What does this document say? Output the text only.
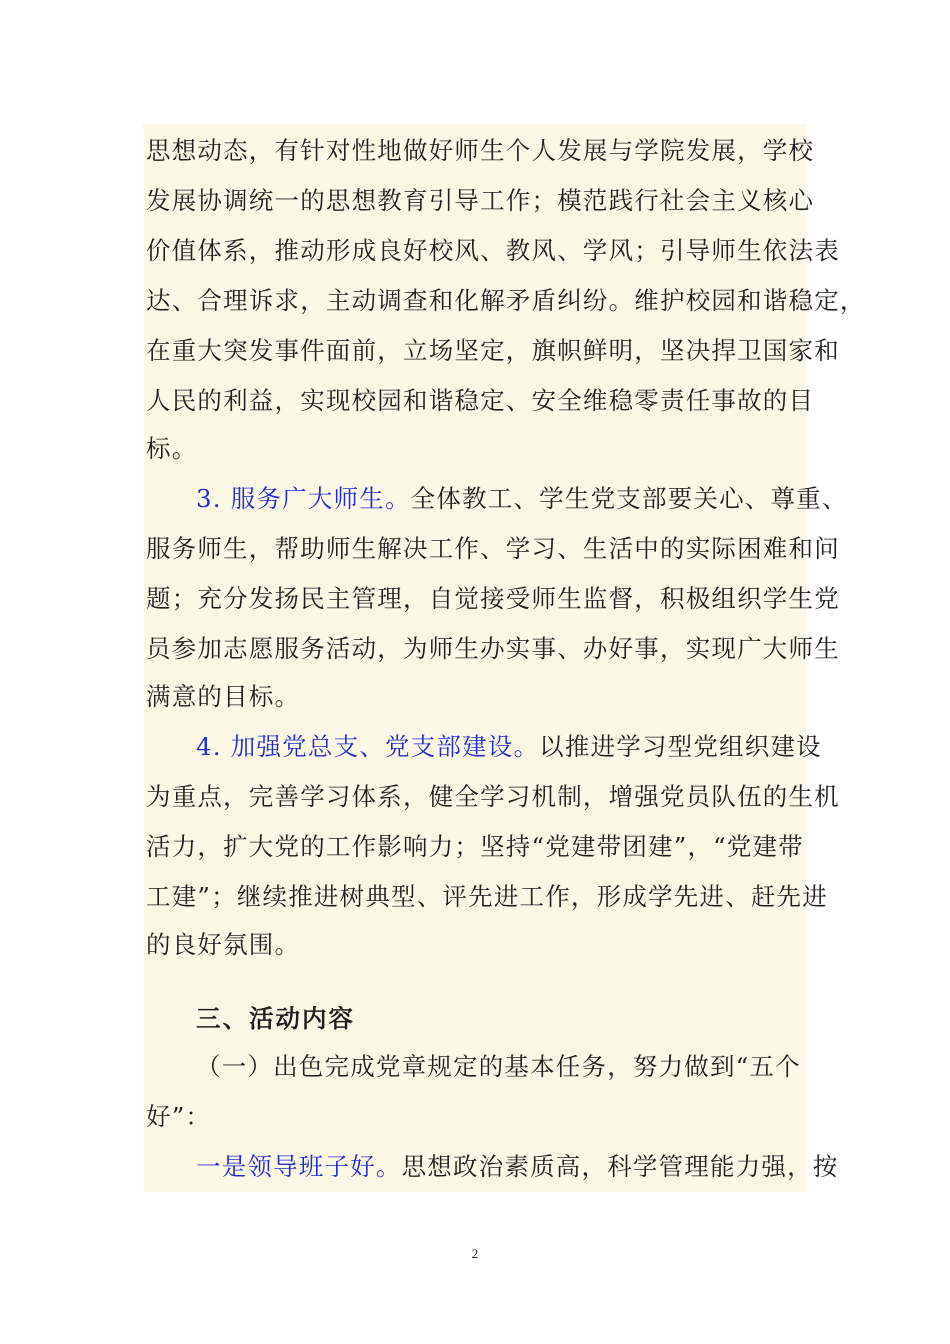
思想动态，有针对性地做好师生个人发展与学院发展，学校
发展协调统一的思想教育引导工作；模范践行社会主义核心
价值体系，推动形成良好校风、教风、学风；引导师生依法表
达、合理诉求，主动调查和化解矛盾纠纷。维护校园和谐稳定，
在重大突发事件面前，立场坚定，旗帜鲜明，坚决捍卫国家和
人民的利益，实现校园和谐稳定、安全维稳零责任事故的目
标。
3. 服务广大师生。全体教工、学生党支部要关心、尊重、
服务师生，帮助师生解决工作、学习、生活中的实际困难和问
题；充分发扬民主管理，自觉接受师生监督，积极组织学生党
员参加志愿服务活动，为师生办实事、办好事，实现广大师生
满意的目标。
4. 加强党总支、党支部建设。以推进学习型党组织建设
为重点，完善学习体系，健全学习机制，增强党员队伍的生机
活力，扩大党的工作影响力；坚持“党建带团建”，“党建带
工建”；继续推进树典型、评先进工作，形成学先进、赶先进
的良好氛围。
三、活动内容
（一）出色完成党章规定的基本任务，努力做到“五个
好”：
一是领导班子好。思想政治素质高，科学管理能力强，按
2
